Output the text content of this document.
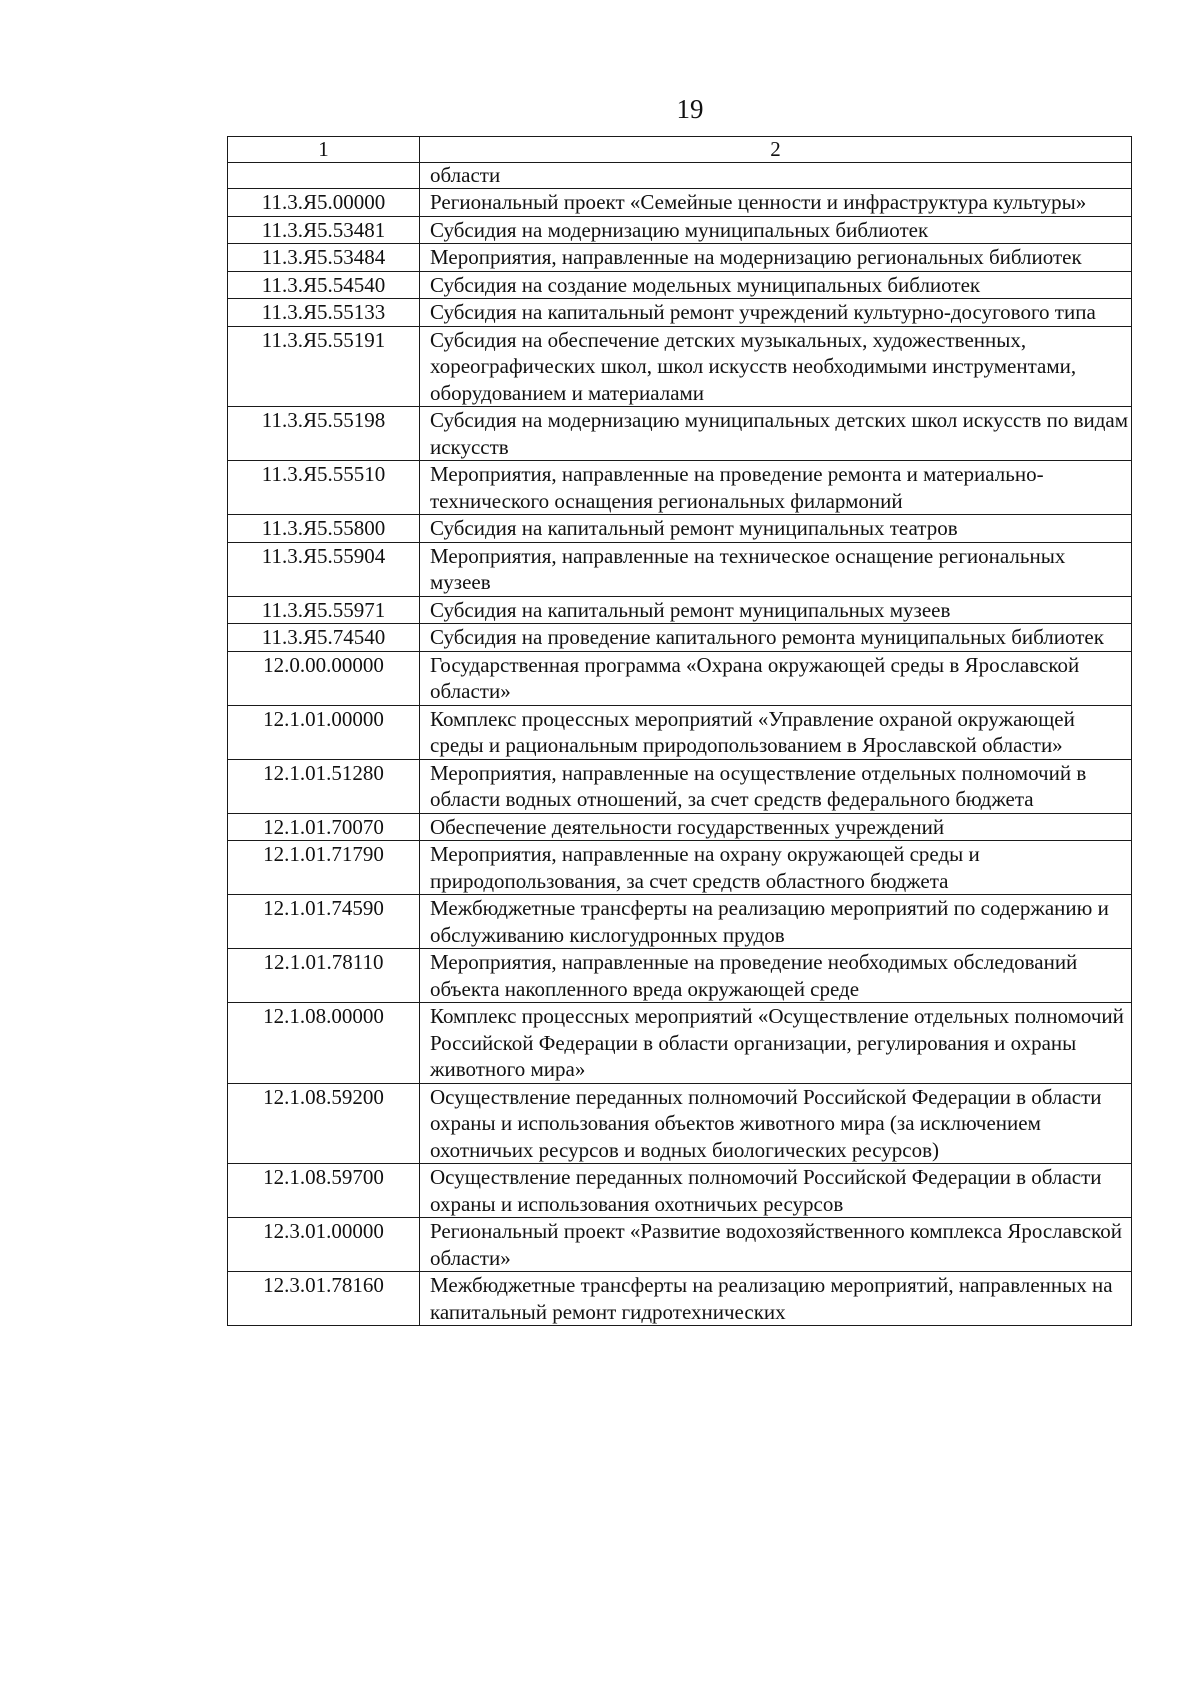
19
1	2
	области
11.3.Я5.00000	Региональный проект «Семейные ценности и инфраструктура культуры»
11.3.Я5.53481	Субсидия на модернизацию муниципальных библиотек
11.3.Я5.53484	Мероприятия, направленные на модернизацию региональных библиотек
11.3.Я5.54540	Субсидия на создание модельных муниципальных библиотек
11.3.Я5.55133	Субсидия на капитальный ремонт учреждений культурно-досугового типа
11.3.Я5.55191	Субсидия на обеспечение детских музыкальных, художественных, хореографических школ, школ искусств необходимыми инструментами, оборудованием и материалами
11.3.Я5.55198	Субсидия на модернизацию муниципальных детских школ искусств по видам искусств
11.3.Я5.55510	Мероприятия, направленные на проведение ремонта и материально-технического оснащения региональных филармоний
11.3.Я5.55800	Субсидия на капитальный ремонт муниципальных театров
11.3.Я5.55904	Мероприятия, направленные на техническое оснащение региональных музеев
11.3.Я5.55971	Субсидия на капитальный ремонт муниципальных музеев
11.3.Я5.74540	Субсидия на проведение капитального ремонта муниципальных библиотек
12.0.00.00000	Государственная программа «Охрана окружающей среды в Ярославской области»
12.1.01.00000	Комплекс процессных мероприятий «Управление охраной окружающей среды и рациональным природопользованием в Ярославской области»
12.1.01.51280	Мероприятия, направленные на осуществление отдельных полномочий в области водных отношений, за счет средств федерального бюджета
12.1.01.70070	Обеспечение деятельности государственных учреждений
12.1.01.71790	Мероприятия, направленные на охрану окружающей среды и природопользования, за счет средств областного бюджета
12.1.01.74590	Межбюджетные трансферты на реализацию мероприятий по содержанию и обслуживанию кислогудронных прудов
12.1.01.78110	Мероприятия, направленные на проведение необходимых обследований объекта накопленного вреда окружающей среде
12.1.08.00000	Комплекс процессных мероприятий «Осуществление отдельных полномочий Российской Федерации в области организации, регулирования и охраны животного мира»
12.1.08.59200	Осуществление переданных полномочий Российской Федерации в области охраны и использования объектов животного мира (за исключением охотничьих ресурсов и водных биологических ресурсов)
12.1.08.59700	Осуществление переданных полномочий Российской Федерации в области охраны и использования охотничьих ресурсов
12.3.01.00000	Региональный проект «Развитие водохозяйственного комплекса Ярославской области»
12.3.01.78160	Межбюджетные трансферты на реализацию мероприятий, направленных на капитальный ремонт гидротехнических
